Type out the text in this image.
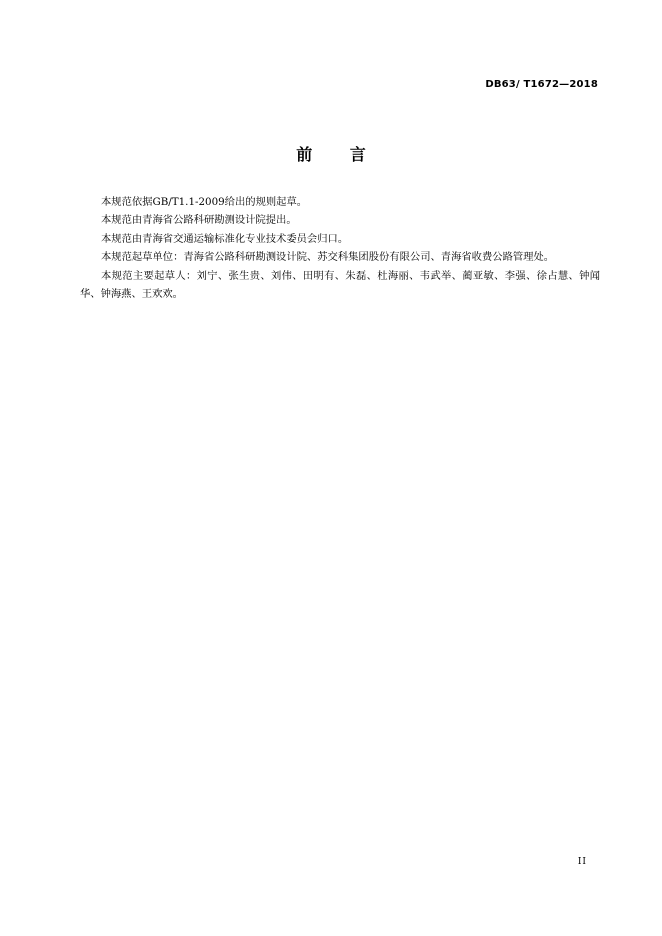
DB63/ T1672—2018
前 言

本规范依据GB/T1.1-2009给出的规则起草。

本规范由青海省公路科研勘测设计院提出。

本规范由青海省交通运输标准化专业技术委员会归口。

本规范起草单位：青海省公路科研勘测设计院、苏交科集团股份有限公司、青海省收费公路管理处。

本规范主要起草人：刘宁、张生贵、刘伟、田明有、朱磊、杜海丽、韦武举、蔺亚敏、李强、徐占慧、钟闻华、钟海燕、王欢欢。

II
